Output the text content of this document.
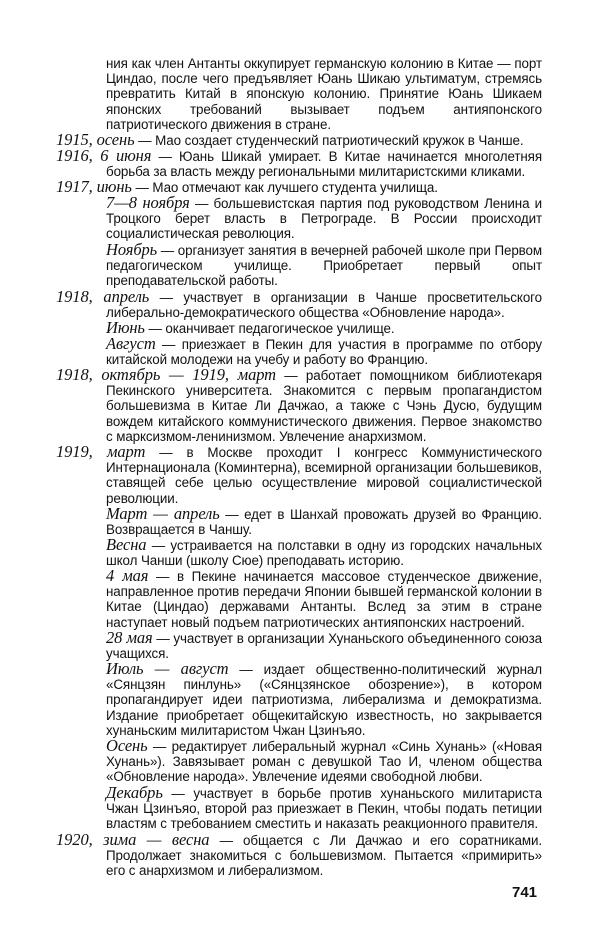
ния как член Антанты оккупирует германскую колонию в Китае — порт Циндао, после чего предъявляет Юань Шикаю ультиматум, стремясь превратить Китай в японскую колонию. Принятие Юань Шикаем японских требований вызывает подъем антияпонского патриотического движения в стране.

1915, осень — Мао создает студенческий патриотический кружок в Чанше.

1916, 6 июня — Юань Шикай умирает. В Китае начинается многолетняя борьба за власть между региональными милитаристскими кликами.

1917, июнь — Мао отмечают как лучшего студента училища.

7—8 ноября — большевистская партия под руководством Ленина и Троцкого берет власть в Петрограде. В России происходит социалистическая революция.

Ноябрь — организует занятия в вечерней рабочей школе при Первом педагогическом училище. Приобретает первый опыт преподавательской работы.

1918, апрель — участвует в организации в Чанше просветительского либерально-демократического общества «Обновление народа».

Июнь — оканчивает педагогическое училище.

Август — приезжает в Пекин для участия в программе по отбору китайской молодежи на учебу и работу во Францию.

1918, октябрь — 1919, март — работает помощником библиотекаря Пекинского университета. Знакомится с первым пропагандистом большевизма в Китае Ли Дачжао, а также с Чэнь Дусю, будущим вождем китайского коммунистического движения. Первое знакомство с марксизмом-ленинизмом. Увлечение анархизмом.

1919, март — в Москве проходит I конгресс Коммунистического Интернационала (Коминтерна), всемирной организации большевиков, ставящей себе целью осуществление мировой социалистической революции.

Март — апрель — едет в Шанхай провожать друзей во Францию. Возвращается в Чаншу.

Весна — устраивается на полставки в одну из городских начальных школ Чанши (школу Сюе) преподавать историю.

4 мая — в Пекине начинается массовое студенческое движение, направленное против передачи Японии бывшей германской колонии в Китае (Циндао) державами Антанты. Вслед за этим в стране наступает новый подъем патриотических антияпонских настроений.

28 мая — участвует в организации Хунаньского объединенного союза учащихся.

Июль — август — издает общественно-политический журнал «Сянцзян пинлунь» («Сянцзянское обозрение»), в котором пропагандирует идеи патриотизма, либерализма и демократизма. Издание приобретает общекитайскую известность, но закрывается хунаньским милитаристом Чжан Цзинъяо.

Осень — редактирует либеральный журнал «Синь Хунань» («Новая Хунань»). Завязывает роман с девушкой Тао И, членом общества «Обновление народа». Увлечение идеями свободной любви.

Декабрь — участвует в борьбе против хунаньского милитариста Чжан Цзинъяо, второй раз приезжает в Пекин, чтобы подать петиции властям с требованием сместить и наказать реакционного правителя.

1920, зима — весна — общается с Ли Дачжао и его соратниками. Продолжает знакомиться с большевизмом. Пытается «примирить» его с анархизмом и либерализмом.

741
